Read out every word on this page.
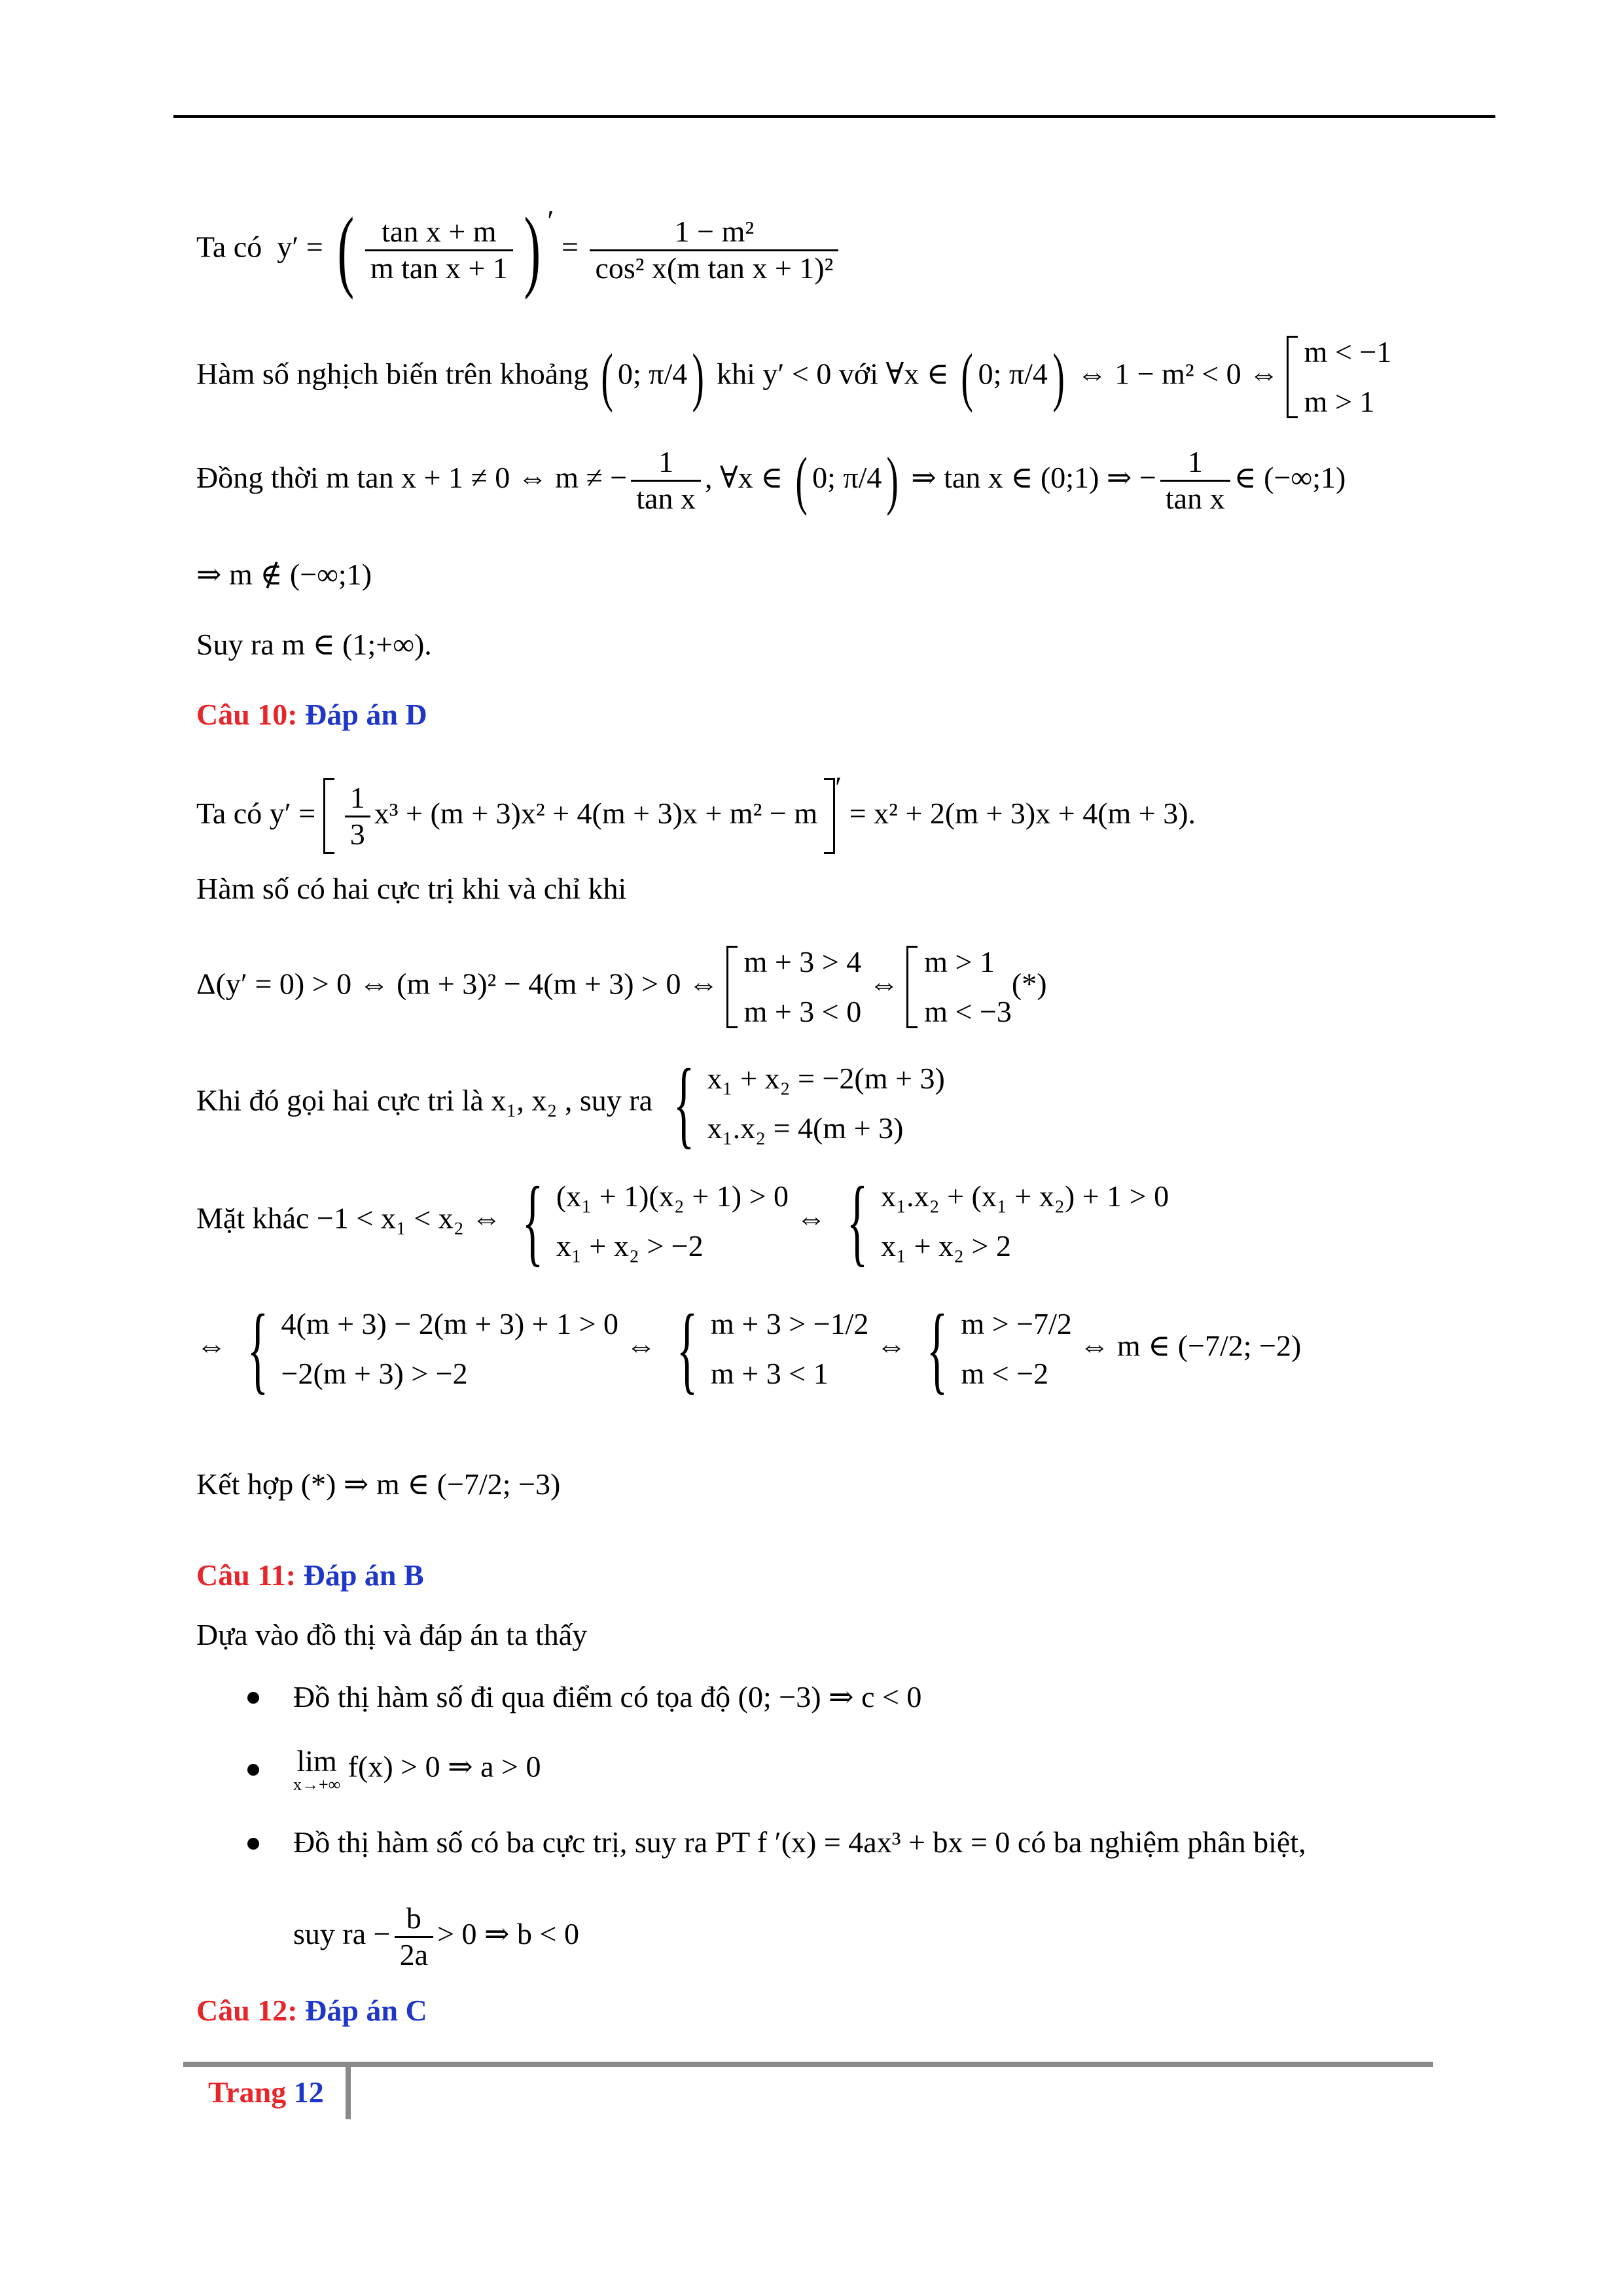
Ta có y′ = ( $\frac{\text{tan x + m}}{\text{m tan x + 1}}$ ) ′ = $\frac{\text{1 − m²}}{\text{cos² x(m tan x + 1)²}}$
Hàm số nghịch biến trên khoảng ( 0; π/4) khi y′ < 0 với ∀x ∈ ( 0; π/4) ⇔ 1 − m² < 0 ⇔
m < −1
m > 1
Đồng thời m tan x + 1 ≠ 0 ⇔ m ≠ − $\frac{1}{\text{tan x}}$ , ∀x ∈ ( 0; π/4) ⇒ tan x ∈ (0;1) ⇒ − $\frac{1}{\text{tan x}}$ ∈ (−∞;1)
⇒ m ∉ (−∞;1)
Suy ra m ∈ (1;+∞).
Câu 10: Đáp án D
Ta có $y' = \frac{1}{3} x^3 + (m + 3)x^2 + 4(m + 3)x + m^2 - m' = x^2 + 2(m + 3)x + 4(m + 3)$.
Hàm số có hai cực trị khi và chỉ khi
Δ(y′ = 0) > 0 ⇔ (m + 3)² − 4(m + 3) > 0 ⇔
m + 3 > 4
m + 3 < 0
⇔
m > 1
m < −3
(*)
Khi đó gọi hai cực tri là x₁, x₂ , suy ra { x₁ + x₂ = −2(m + 3)
x₁.x₂ = 4(m + 3)
Mặt khác −1 < x₁ < x₂ ⇔ { (x₁ + 1)(x₂ + 1) > 0
x₁ + x₂ > −2
⇔ { x₁.x₂ + (x₁ + x₂) + 1 > 0
x₁ + x₂ > 2
⇔ { 4(m + 3) − 2(m + 3) + 1 > 0
−2(m + 3) > −2
⇔ { m + 3 > −1/2
m + 3 < 1
⇔ { m > −7/2
m < −2
⇔ m ∈ (−7/2; −2)
Kết hợp (*) ⇒ m ∈ (−7/2; −3)
Câu 11: Đáp án B
Dựa vào đồ thị và đáp án ta thấy
Đồ thị hàm số đi qua điểm có tọa độ (0; −3) ⇒ c < 0
lim
x→+∞
f(x) > 0 ⇒ a > 0
Đồ thị hàm số có ba cực trị, suy ra PT f ′(x) = 4ax³ + bx = 0 có ba nghiệm phân biệt,
suy ra − $\frac{b}{2a} > 0$ ⇒ b < 0
Câu 12: Đáp án C
Trang 12
